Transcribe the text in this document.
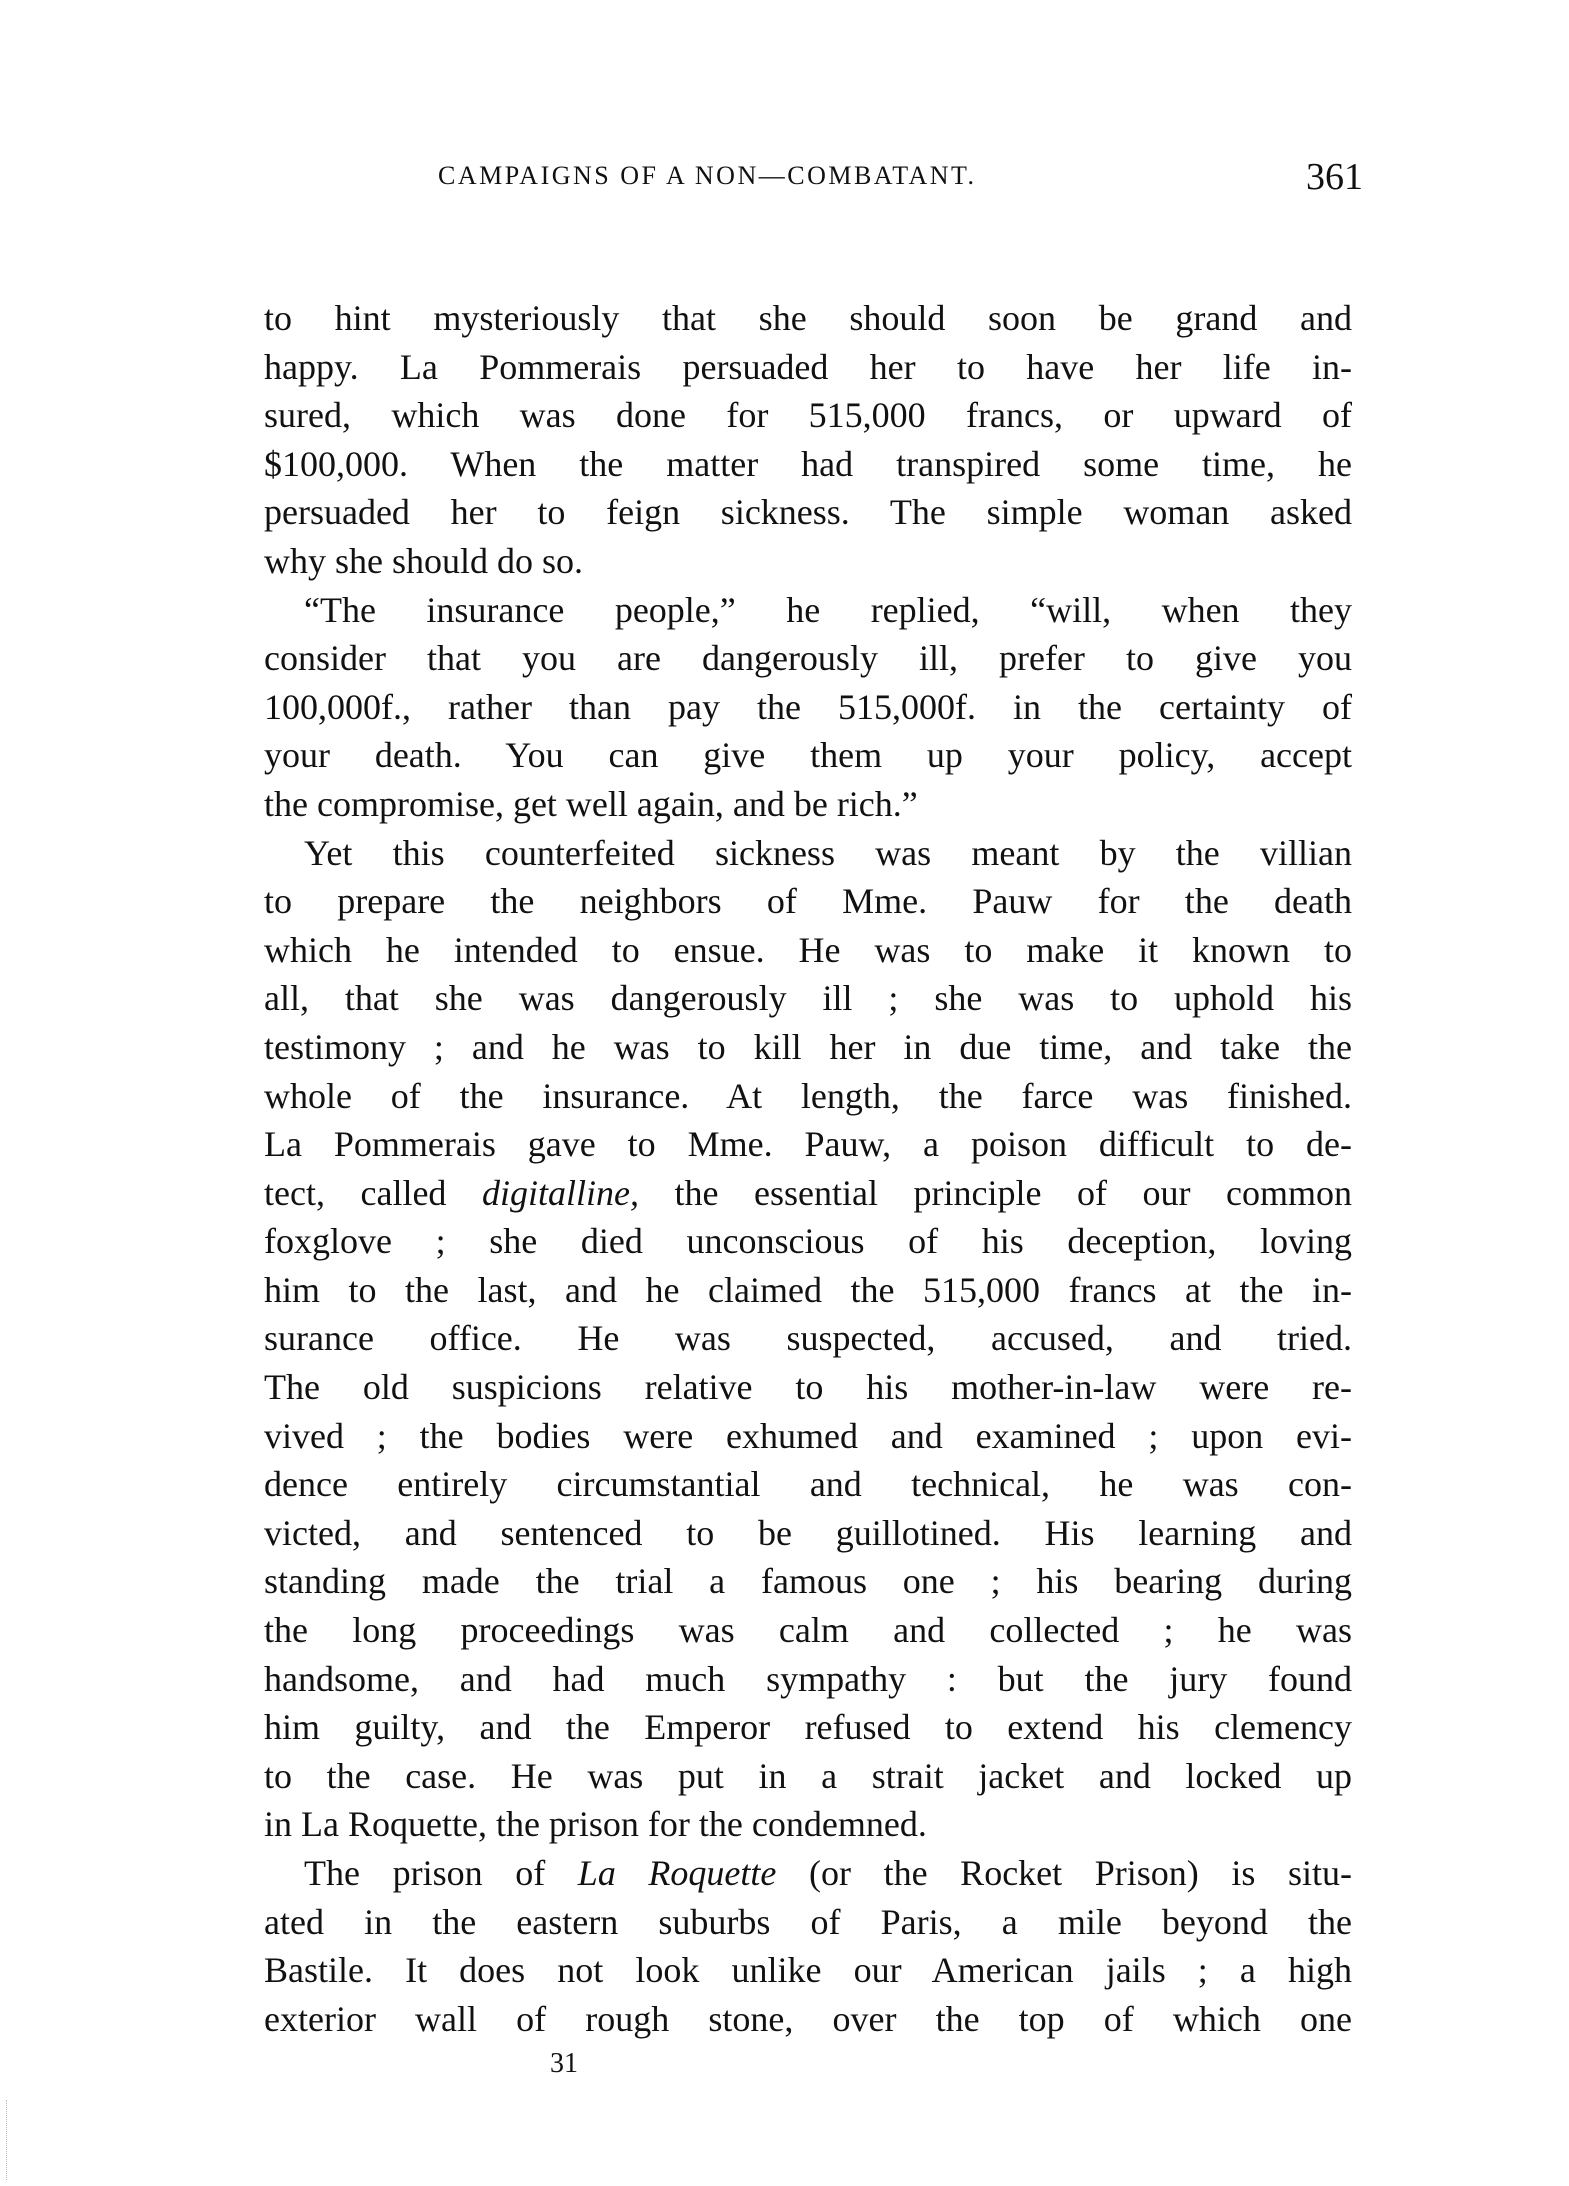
CAMPAIGNS OF A NON—COMBATANT.	361
to hint mysteriously that she should soon be grand and
happy. La Pommerais persuaded her to have her life in-
sured, which was done for 515,000 francs, or upward of
$100,000. When the matter had transpired some time, he
persuaded her to feign sickness. The simple woman asked
why she should do so.
“The insurance people,” he replied, “will, when they
consider that you are dangerously ill, prefer to give you
100,000f., rather than pay the 515,000f. in the certainty of
your death. You can give them up your policy, accept
the compromise, get well again, and be rich.”
Yet this counterfeited sickness was meant by the villian
to prepare the neighbors of Mme. Pauw for the death
which he intended to ensue. He was to make it known to
all, that she was dangerously ill ; she was to uphold his
testimony ; and he was to kill her in due time, and take the
whole of the insurance. At length, the farce was finished.
La Pommerais gave to Mme. Pauw, a poison difficult to de-
tect, called digitalline, the essential principle of our common
foxglove ; she died unconscious of his deception, loving
him to the last, and he claimed the 515,000 francs at the in-
surance office. He was suspected, accused, and tried.
The old suspicions relative to his mother-in-law were re-
vived ; the bodies were exhumed and examined ; upon evi-
dence entirely circumstantial and technical, he was con-
victed, and sentenced to be guillotined. His learning and
standing made the trial a famous one ; his bearing during
the long proceedings was calm and collected ; he was
handsome, and had much sympathy : but the jury found
him guilty, and the Emperor refused to extend his clemency
to the case. He was put in a strait jacket and locked up
in La Roquette, the prison for the condemned.
The prison of La Roquette (or the Rocket Prison) is situ-
ated in the eastern suburbs of Paris, a mile beyond the
Bastile. It does not look unlike our American jails ; a high
exterior wall of rough stone, over the top of which one
31
